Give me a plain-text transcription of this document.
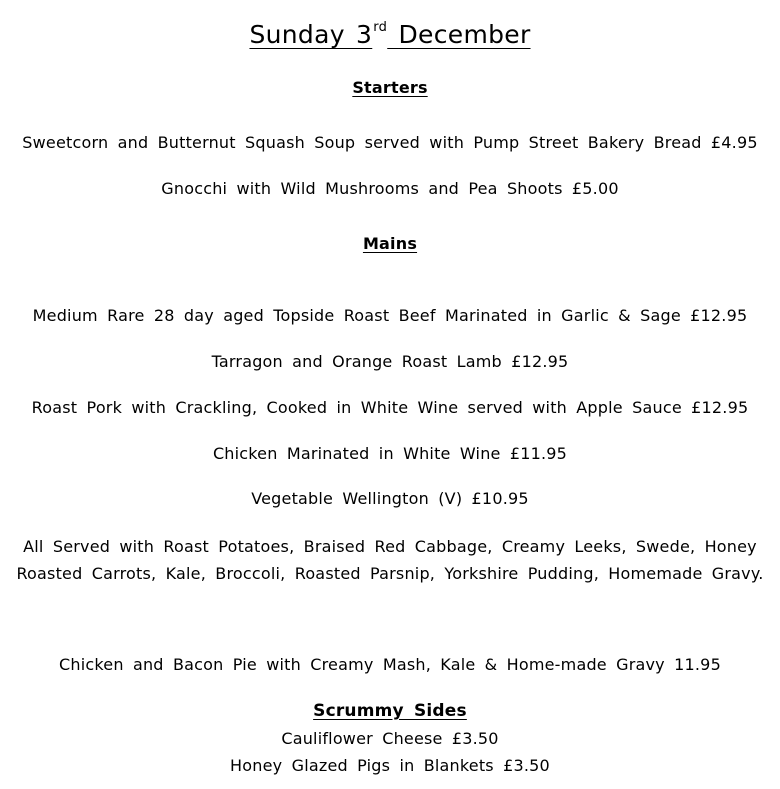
Sunday 3rd December
Starters
Sweetcorn and Butternut Squash Soup served with Pump Street Bakery Bread £4.95
Gnocchi with Wild Mushrooms and Pea Shoots £5.00
Mains
Medium Rare 28 day aged Topside Roast Beef Marinated in Garlic & Sage £12.95
Tarragon and Orange Roast Lamb £12.95
Roast Pork with Crackling, Cooked in White Wine served with Apple Sauce £12.95
Chicken Marinated in White Wine £11.95
Vegetable Wellington (V) £10.95
All Served with Roast Potatoes, Braised Red Cabbage, Creamy Leeks, Swede, Honey
Roasted Carrots, Kale, Broccoli, Roasted Parsnip, Yorkshire Pudding, Homemade Gravy.
Chicken and Bacon Pie with Creamy Mash, Kale & Home-made Gravy 11.95
Scrummy Sides
Cauliflower Cheese £3.50
Honey Glazed Pigs in Blankets £3.50
